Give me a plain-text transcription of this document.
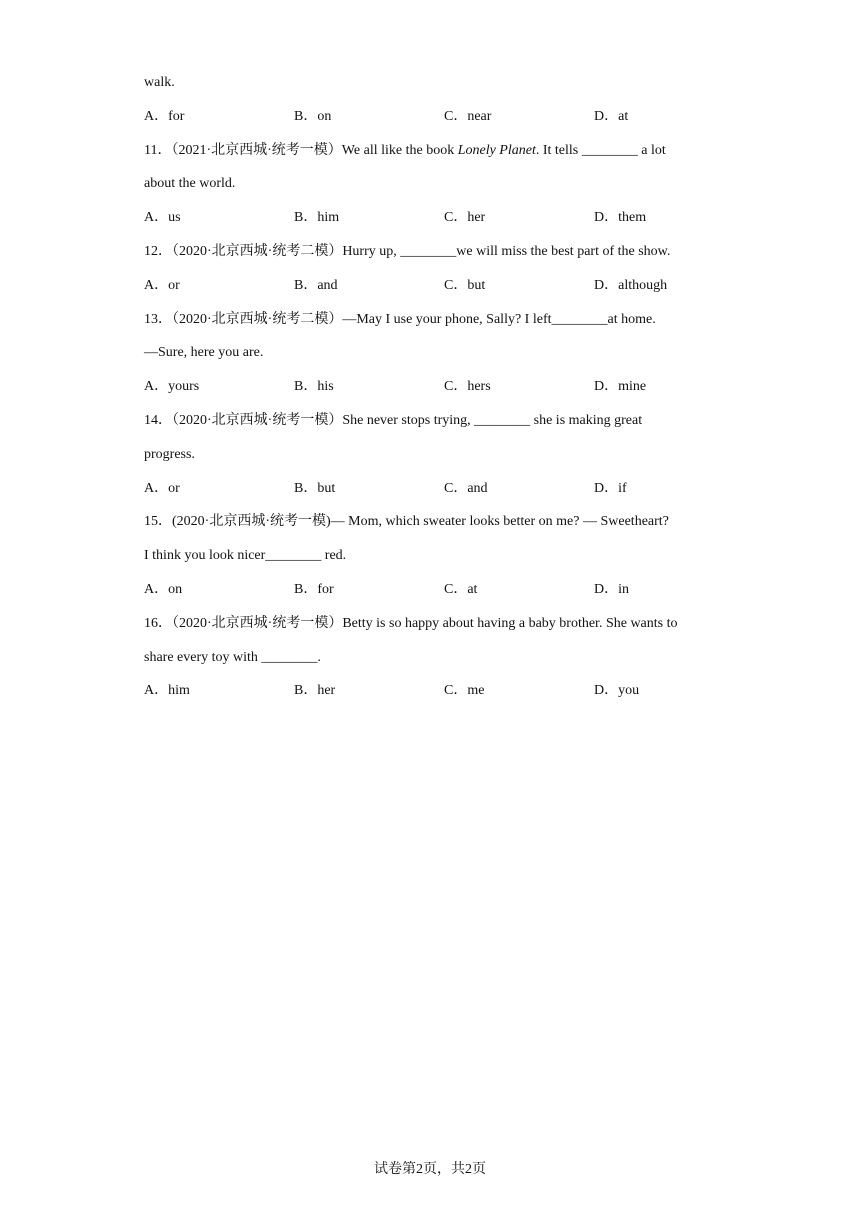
walk.
A．for	B．on	C．near	D．at
11．（2021·北京西城·统考一模）We all like the book Lonely Planet. It tells ________ a lot
about the world.
A．us	B．him	C．her	D．them
12．（2020·北京西城·统考二模）Hurry up, ________we will miss the best part of the show.
A．or	B．and	C．but	D．although
13．（2020·北京西城·统考二模）—May I use your phone, Sally? I left________at home.
—Sure, here you are.
A．yours	B．his	C．hers	D．mine
14．（2020·北京西城·统考一模）She never stops trying, ________ she is making great
progress.
A．or	B．but	C．and	D．if
15．(2020·北京西城·统考一模)— Mom, which sweater looks better on me? — Sweetheart?
I think you look nicer________ red.
A．on	B．for	C．at	D．in
16．（2020·北京西城·统考一模）Betty is so happy about having a baby brother. She wants to
share every toy with ________.
A．him	B．her	C．me	D．you
试卷第2页，共2页
